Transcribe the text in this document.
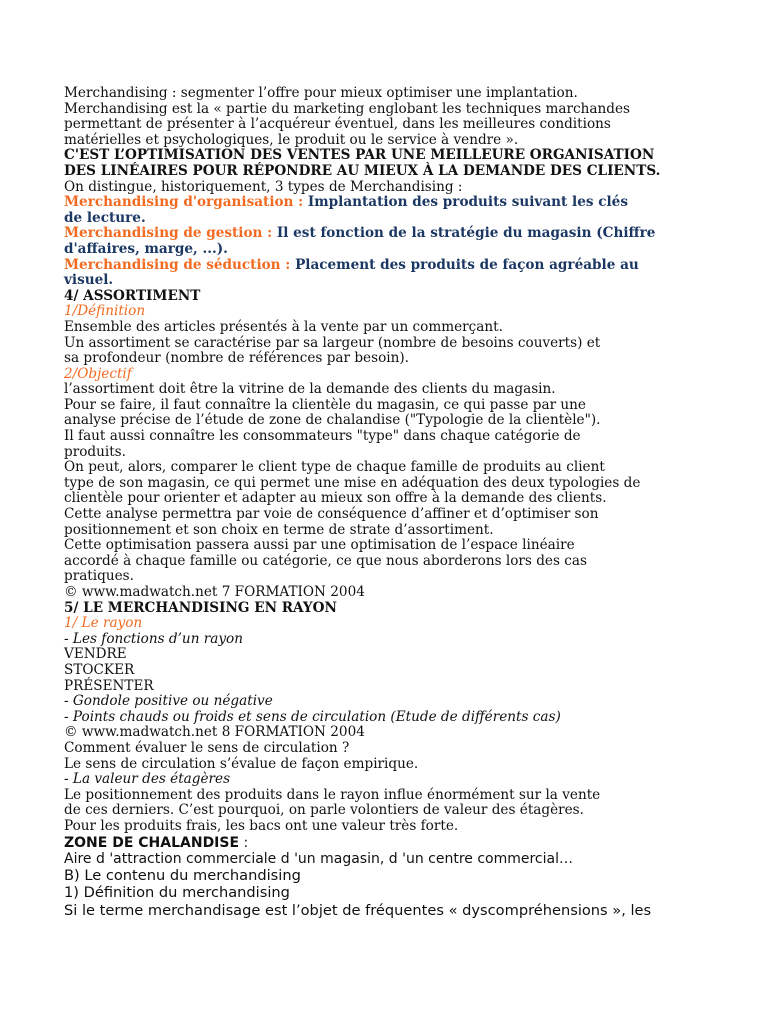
Merchandising : segmenter l’offre pour mieux optimiser une implantation.
Merchandising est la « partie du marketing englobant les techniques marchandes
permettant de présenter à l’acquéreur éventuel, dans les meilleures conditions
matérielles et psychologiques, le produit ou le service à vendre ».
C'EST L’OPTIMISATION DES VENTES PAR UNE MEILLEURE ORGANISATION
DES LINÉAIRES POUR RÉPONDRE AU MIEUX À LA DEMANDE DES CLIENTS.
On distingue, historiquement, 3 types de Merchandising :
Merchandising d'organisation : Implantation des produits suivant les clés
de lecture.
Merchandising de gestion : Il est fonction de la stratégie du magasin (Chiffre
d'affaires, marge, ...).
Merchandising de séduction : Placement des produits de façon agréable au
visuel.
4/ ASSORTIMENT
1/Définition
Ensemble des articles présentés à la vente par un commerçant.
Un assortiment se caractérise par sa largeur (nombre de besoins couverts) et
sa profondeur (nombre de références par besoin).
2/Objectif
l’assortiment doit être la vitrine de la demande des clients du magasin.
Pour se faire, il faut connaître la clientèle du magasin, ce qui passe par une
analyse précise de l’étude de zone de chalandise ("Typologie de la clientèle").
Il faut aussi connaître les consommateurs "type" dans chaque catégorie de
produits.
On peut, alors, comparer le client type de chaque famille de produits au client
type de son magasin, ce qui permet une mise en adéquation des deux typologies de
clientèle pour orienter et adapter au mieux son offre à la demande des clients.
Cette analyse permettra par voie de conséquence d’affiner et d’optimiser son
positionnement et son choix en terme de strate d’assortiment.
Cette optimisation passera aussi par une optimisation de l’espace linéaire
accordé à chaque famille ou catégorie, ce que nous aborderons lors des cas
pratiques.
© www.madwatch.net 7 FORMATION 2004
5/ LE MERCHANDISING EN RAYON
1/ Le rayon
- Les fonctions d’un rayon
VENDRE
STOCKER
PRÉSENTER
- Gondole positive ou négative
- Points chauds ou froids et sens de circulation (Etude de différents cas)
© www.madwatch.net 8 FORMATION 2004
Comment évaluer le sens de circulation ?
Le sens de circulation s’évalue de façon empirique.
- La valeur des étagères
Le positionnement des produits dans le rayon influe énormément sur la vente
de ces derniers. C’est pourquoi, on parle volontiers de valeur des étagères.
Pour les produits frais, les bacs ont une valeur très forte.
ZONE DE CHALANDISE :
Aire d 'attraction commerciale d 'un magasin, d 'un centre commercial…
B) Le contenu du merchandising
1) Définition du merchandising
Si le terme merchandisage est l’objet de fréquentes « dyscompréhensions », les
